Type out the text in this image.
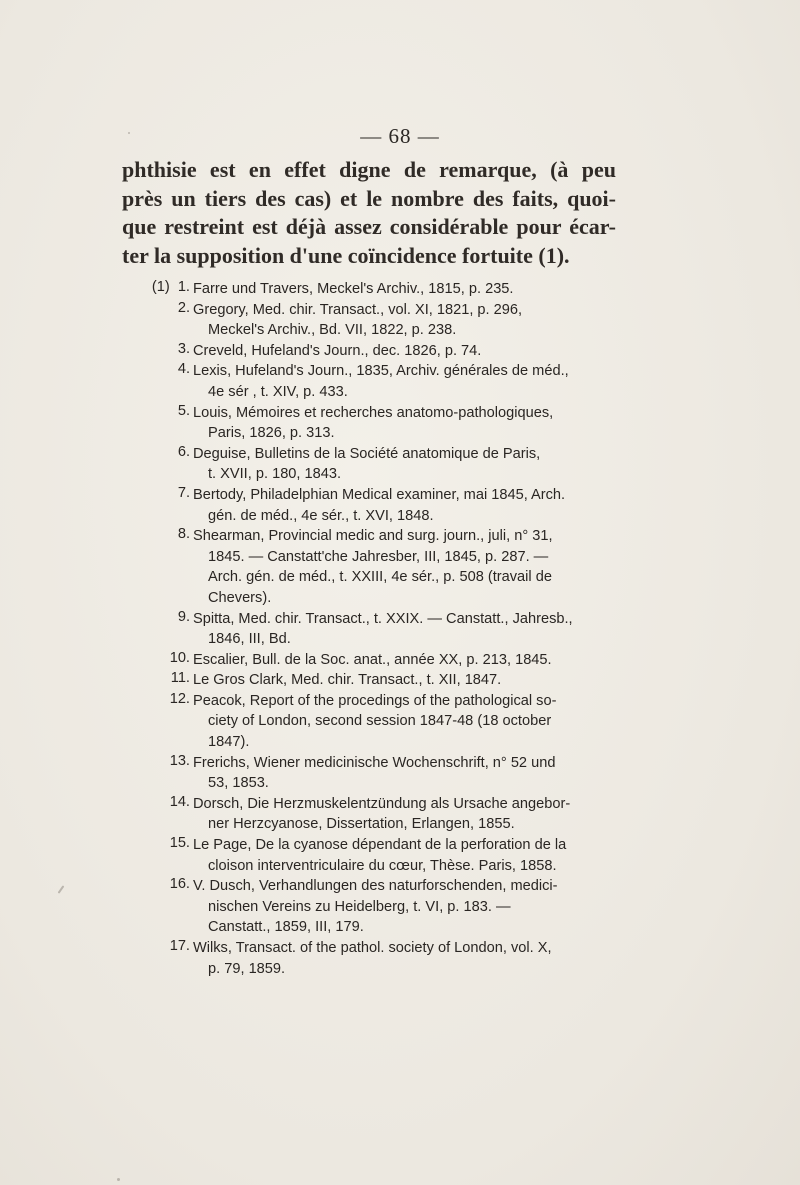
— 68 —
phthisie est en effet digne de remarque, (à peu
près un tiers des cas) et le nombre des faits, quoi-
que restreint est déjà assez considérable pour écar-
ter la supposition d'une coïncidence fortuite (1).
(1)  1. Farre und Travers, Meckel's Archiv., 1815, p. 235.
2. Gregory, Med. chir. Transact., vol. XI, 1821, p. 296,
Meckel's Archiv., Bd. VII, 1822, p. 238.
3. Creveld, Hufeland's Journ., dec. 1826, p. 74.
4. Lexis, Hufeland's Journ., 1835, Archiv. générales de méd.,
4e sér , t. XIV, p. 433.
5. Louis, Mémoires et recherches anatomo-pathologiques,
Paris, 1826, p. 313.
6. Deguise, Bulletins de la Société anatomique de Paris,
t. XVII, p. 180, 1843.
7. Bertody, Philadelphian Medical examiner, mai 1845, Arch.
gén. de méd., 4e sér., t. XVI, 1848.
8. Shearman, Provincial medic and surg. journ., juli, n° 31,
1845. — Canstatt'che Jahresber, III, 1845, p. 287. —
Arch. gén. de méd., t. XXIII, 4e sér., p. 508 (travail de
Chevers).
9. Spitta, Med. chir. Transact., t. XXIX. — Canstatt., Jahresb.,
1846, III, Bd.
10. Escalier, Bull. de la Soc. anat., année XX, p. 213, 1845.
11. Le Gros Clark, Med. chir. Transact., t. XII, 1847.
12. Peacok, Report of the procedings of the pathological so-
ciety of London, second session 1847-48 (18 october
1847).
13. Frerichs, Wiener medicinische Wochenschrift, n° 52 und
53, 1853.
14. Dorsch, Die Herzmuskelentzündung als Ursache angebor-
ner Herzcyanose, Dissertation, Erlangen, 1855.
15. Le Page, De la cyanose dépendant de la perforation de la
cloison interventriculaire du cœur, Thèse. Paris, 1858.
16. V. Dusch, Verhandlungen des naturforschenden, medici-
nischen Vereins zu Heidelberg, t. VI, p. 183. —
Canstatt., 1859, III, 179.
17. Wilks, Transact. of the pathol. society of London, vol. X,
p. 79, 1859.
